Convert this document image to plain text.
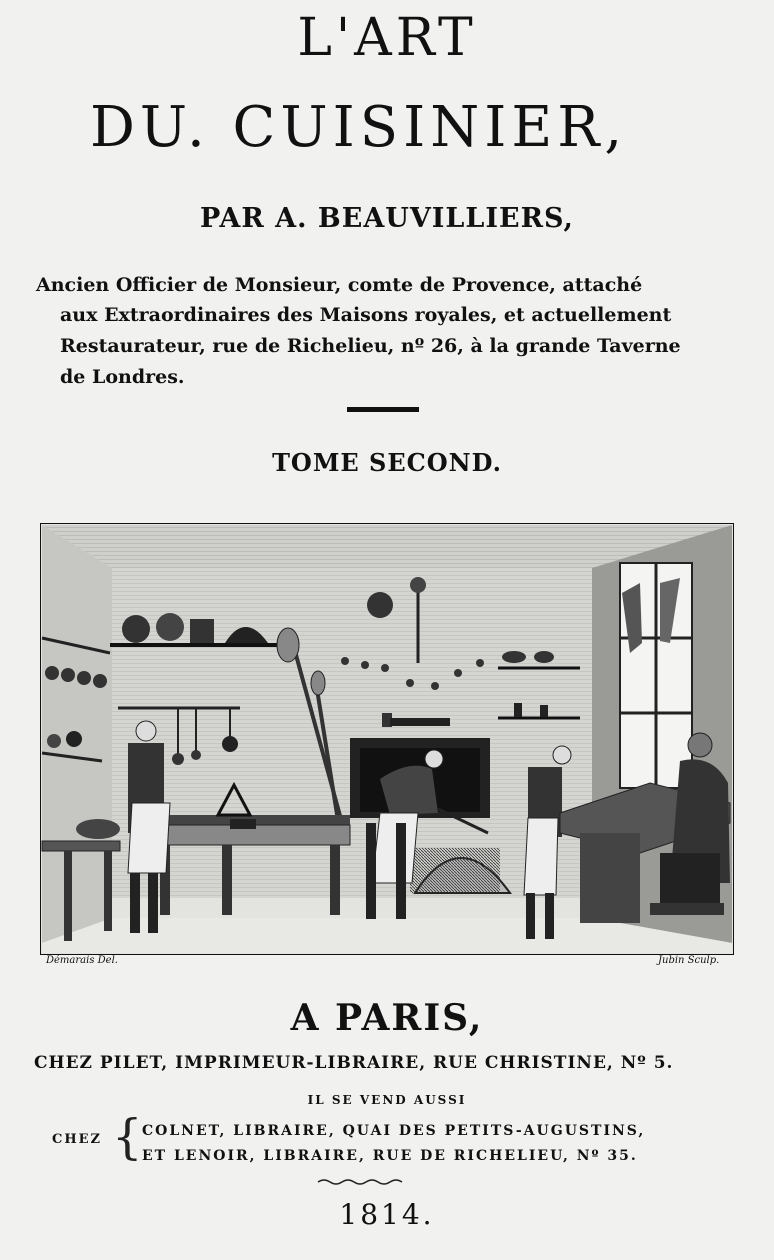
L'ART
DU. CUISINIER,
PAR A. BEAUVILLIERS,
Ancien Officier de Monsieur, comte de Provence, attaché
aux Extraordinaires des Maisons royales, et actuellement
Restaurateur, rue de Richelieu, nº 26, à la grande Taverne
de Londres.
TOME SECOND.
Démarais Del.	Jubin Sculp.
A PARIS,
CHEZ PILET, IMPRIMEUR-LIBRAIRE, RUE CHRISTINE, Nº 5.
IL SE VEND AUSSI
CHEZ { COLNET, LIBRAIRE, QUAI DES PETITS-AUGUSTINS,
ET LENOIR, LIBRAIRE, RUE DE RICHELIEU, Nº 35.
1814.
